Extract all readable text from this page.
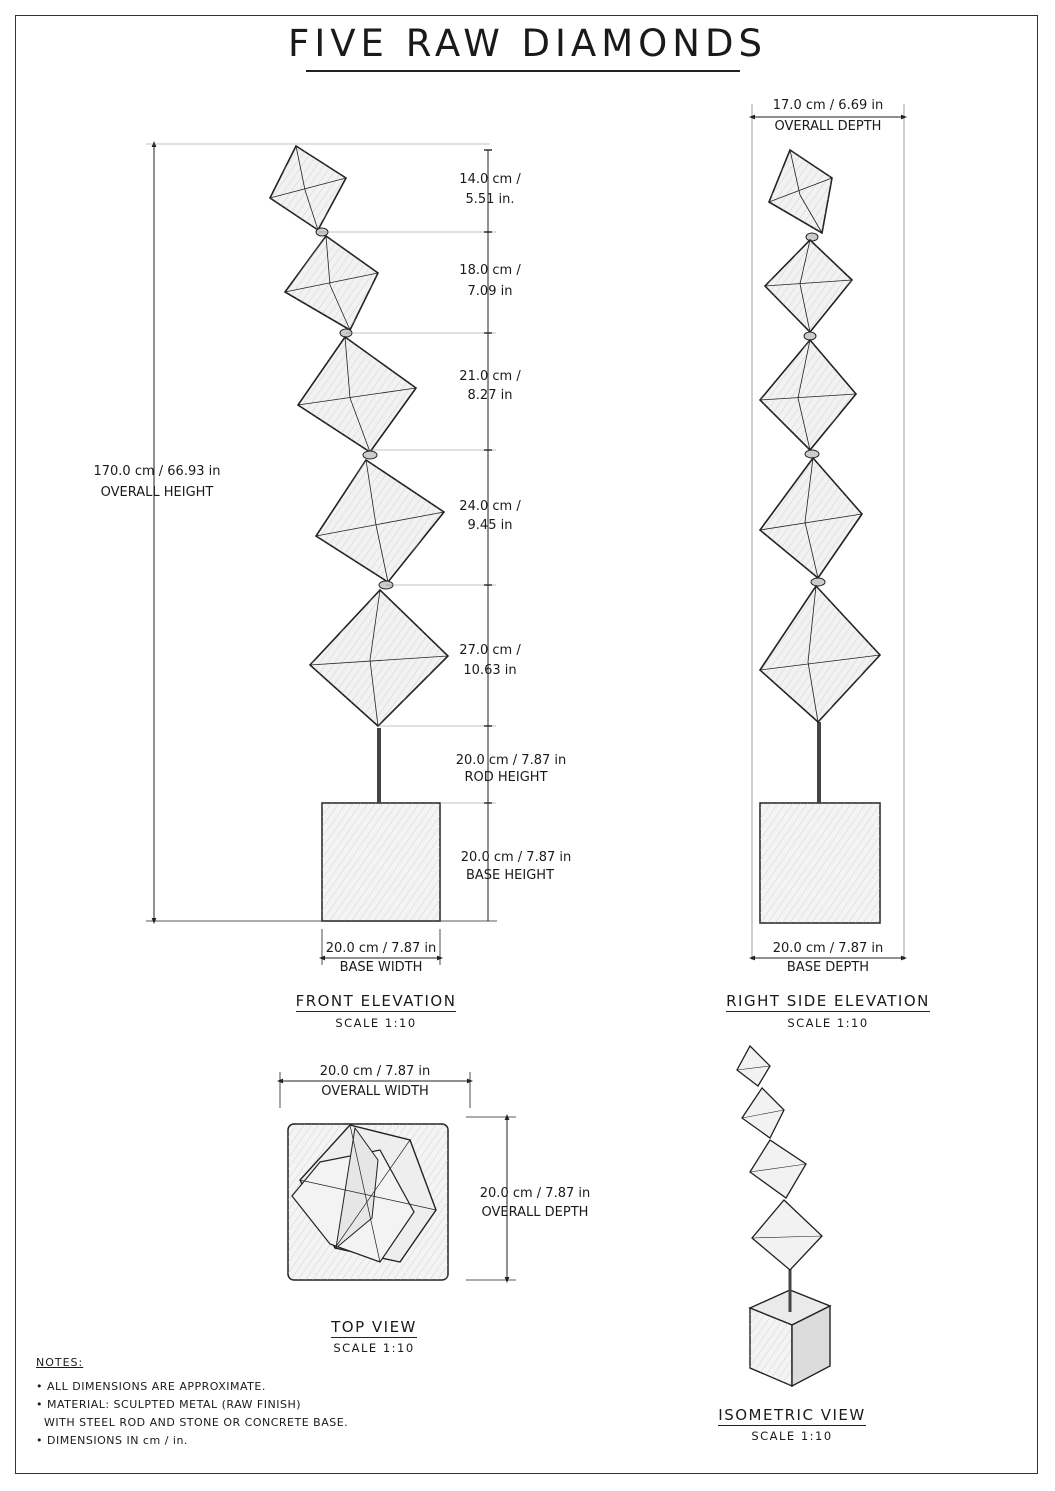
FIVE RAW DIAMONDS
170.0 cm / 66.93 in
OVERALL HEIGHT
14.0 cm /
5.51 in.
18.0 cm /
7.09 in
21.0 cm /
8.27 in
24.0 cm /
9.45 in
27.0 cm /
10.63 in
20.0 cm / 7.87 in
ROD HEIGHT
20.0 cm / 7.87 in
BASE HEIGHT
20.0 cm / 7.87 in
BASE WIDTH
FRONT ELEVATION
SCALE 1:10
17.0 cm / 6.69 in
OVERALL DEPTH
20.0 cm / 7.87 in
BASE DEPTH
RIGHT SIDE ELEVATION
SCALE 1:10
20.0 cm / 7.87 in
OVERALL WIDTH
20.0 cm / 7.87 in
OVERALL DEPTH
TOP VIEW
SCALE 1:10
ISOMETRIC VIEW
SCALE 1:10
NOTES:
• ALL DIMENSIONS ARE APPROXIMATE.
• MATERIAL: SCULPTED METAL (RAW FINISH)
WITH STEEL ROD AND STONE OR CONCRETE BASE.
• DIMENSIONS IN cm / in.
